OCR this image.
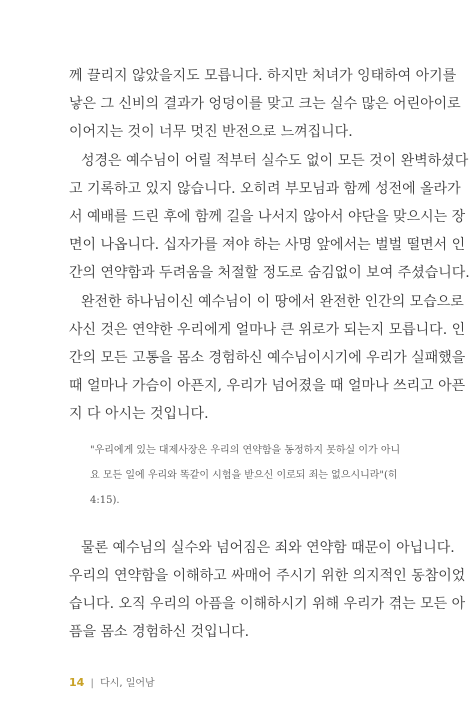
께 끌리지 않았을지도 모릅니다. 하지만 처녀가 잉태하여 아기를
낳은 그 신비의 결과가 엉덩이를 맞고 크는 실수 많은 어린아이로
이어지는 것이 너무 멋진 반전으로 느껴집니다.
성경은 예수님이 어릴 적부터 실수도 없이 모든 것이 완벽하셨다
고 기록하고 있지 않습니다. 오히려 부모님과 함께 성전에 올라가
서 예배를 드린 후에 함께 길을 나서지 않아서 야단을 맞으시는 장
면이 나옵니다. 십자가를 져야 하는 사명 앞에서는 벌벌 떨면서 인
간의 연약함과 두려움을 처절할 정도로 숨김없이 보여 주셨습니다.
완전한 하나님이신 예수님이 이 땅에서 완전한 인간의 모습으로
사신 것은 연약한 우리에게 얼마나 큰 위로가 되는지 모릅니다. 인
간의 모든 고통을 몸소 경험하신 예수님이시기에 우리가 실패했을
때 얼마나 가슴이 아픈지, 우리가 넘어졌을 때 얼마나 쓰리고 아픈
지 다 아시는 것입니다.
"우리에게 있는 대제사장은 우리의 연약함을 동정하지 못하실 이가 아니
요 모든 일에 우리와 똑같이 시험을 받으신 이로되 죄는 없으시니라"(히
4:15).
물론 예수님의 실수와 넘어짐은 죄와 연약함 때문이 아닙니다.
우리의 연약함을 이해하고 싸매어 주시기 위한 의지적인 동참이었
습니다. 오직 우리의 아픔을 이해하시기 위해 우리가 겪는 모든 아
픔을 몸소 경험하신 것입니다.
14 | 다시, 일어남
